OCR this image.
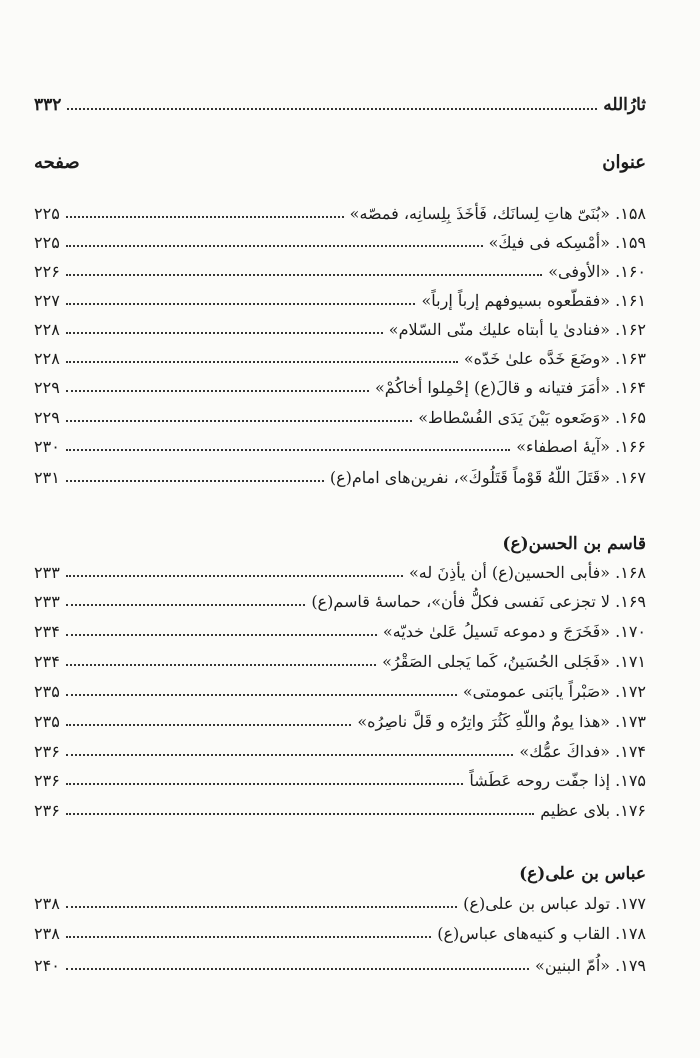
۳۳۲	ثارُالله
صفحه	عنوان
۲۲۵	۱۵۸. «بُنَیّ هاتِ لِسانَك، فَأخَذَ بِلِسانِه، فمصّه»
۲۲۵	۱۵۹. «أمْسِكه فی فیكَ»
۲۲۶	۱۶۰. «الأوفی»
۲۲۷	۱۶۱. «فقطّعوه بسیوفهم إرباً إرباً»
۲۲۸	۱۶۲. «فنادیٰ یا أبتاه علیك منّی السّلام»
۲۲۸	۱۶۳. «وضَعَ خَدَّه علیٰ خَدّه»
۲۲۹	۱۶۴. «أمَرَ فتیانه و قالَ(ع) إحْمِلوا أخاكُمْ»
۲۲۹	۱۶۵. «وَضَعوه بَیْنَ یَدَی الفُسْطاط»
۲۳۰	۱۶۶. «آیهٔ اصطفاء»
۲۳۱	۱۶۷. «قَتَلَ اللّهُ قَوْماً قَتَلُوكَ»، نفرین‌های امام(ع)
قاسم بن الحسن(ع)
۲۳۳	۱۶۸. «فأبی الحسین(ع) أن یأذِنَ له»
۲۳۳	۱۶۹. لا تجزعی نَفسی فكلُّ فأن»، حماسهٔ قاسم(ع)
۲۳۴	۱۷۰. «فَخَرَجَ و دموعه تَسیلُ عَلیٰ خدیّه»
۲۳۴	۱۷۱. «فَجَلی الحُسَینُ، كَما یَجلی الصَقْرُ»
۲۳۵	۱۷۲. «صَبْراً یابَنی عمومتی»
۲۳۵	۱۷۳. «هذا یومٌ واللّهِ كَثُرَ واتِرُه و قَلَّ ناصِرُه»
۲۳۶	۱۷۴. «فداكَ عمُّك»
۲۳۶	۱۷۵. إذا جفّت روحه عَطَشاً
۲۳۶	۱۷۶. بلای عظیم
عباس بن علی(ع)
۲۳۸	۱۷۷. تولد عباس بن علی(ع)
۲۳۸	۱۷۸. القاب و کنیه‌های عباس(ع)
۲۴۰	۱۷۹. «اُمّ البنین»
